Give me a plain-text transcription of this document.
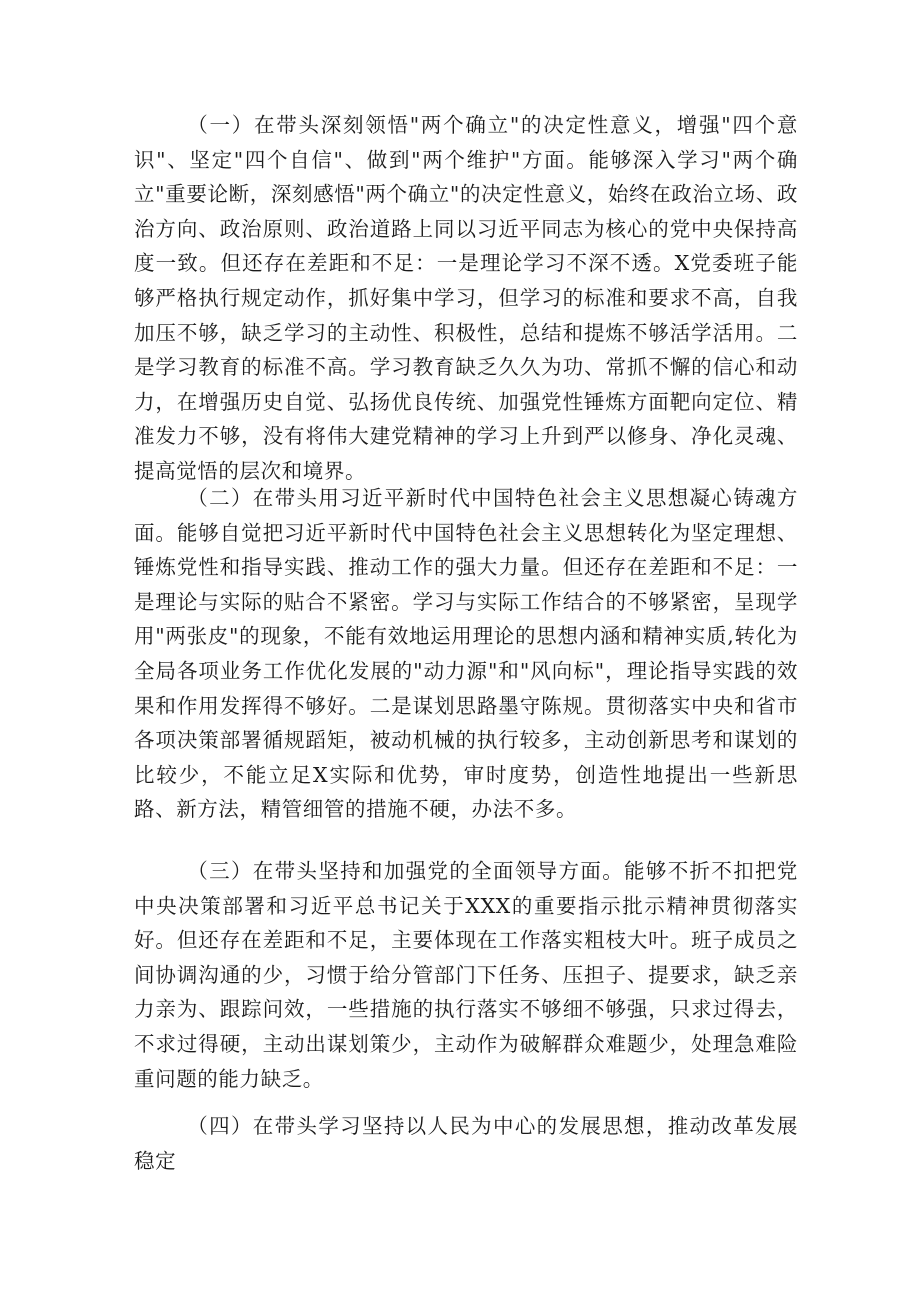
（一）在带头深刻领悟"两个确立"的决定性意义，增强"四个意识"、坚定"四个自信"、做到"两个维护"方面。能够深入学习"两个确立"重要论断，深刻感悟"两个确立"的决定性意义，始终在政治立场、政治方向、政治原则、政治道路上同以习近平同志为核心的党中央保持高度一致。但还存在差距和不足：一是理论学习不深不透。X党委班子能够严格执行规定动作，抓好集中学习，但学习的标准和要求不高，自我加压不够，缺乏学习的主动性、积极性，总结和提炼不够活学活用。二是学习教育的标准不高。学习教育缺乏久久为功、常抓不懈的信心和动力，在增强历史自觉、弘扬优良传统、加强党性锤炼方面靶向定位、精准发力不够，没有将伟大建党精神的学习上升到严以修身、净化灵魂、提高觉悟的层次和境界。

（二）在带头用习近平新时代中国特色社会主义思想凝心铸魂方面。能够自觉把习近平新时代中国特色社会主义思想转化为坚定理想、锤炼党性和指导实践、推动工作的强大力量。但还存在差距和不足：一是理论与实际的贴合不紧密。学习与实际工作结合的不够紧密，呈现学用"两张皮"的现象，不能有效地运用理论的思想内涵和精神实质,转化为全局各项业务工作优化发展的"动力源"和"风向标"，理论指导实践的效果和作用发挥得不够好。二是谋划思路墨守陈规。贯彻落实中央和省市各项决策部署循规蹈矩，被动机械的执行较多，主动创新思考和谋划的比较少，不能立足X实际和优势，审时度势，创造性地提出一些新思路、新方法，精管细管的措施不硬，办法不多。

（三）在带头坚持和加强党的全面领导方面。能够不折不扣把党中央决策部署和习近平总书记关于XXX的重要指示批示精神贯彻落实好。但还存在差距和不足，主要体现在工作落实粗枝大叶。班子成员之间协调沟通的少，习惯于给分管部门下任务、压担子、提要求，缺乏亲力亲为、跟踪问效，一些措施的执行落实不够细不够强，只求过得去，不求过得硬，主动出谋划策少，主动作为破解群众难题少，处理急难险重问题的能力缺乏。

（四）在带头学习坚持以人民为中心的发展思想，推动改革发展稳定
